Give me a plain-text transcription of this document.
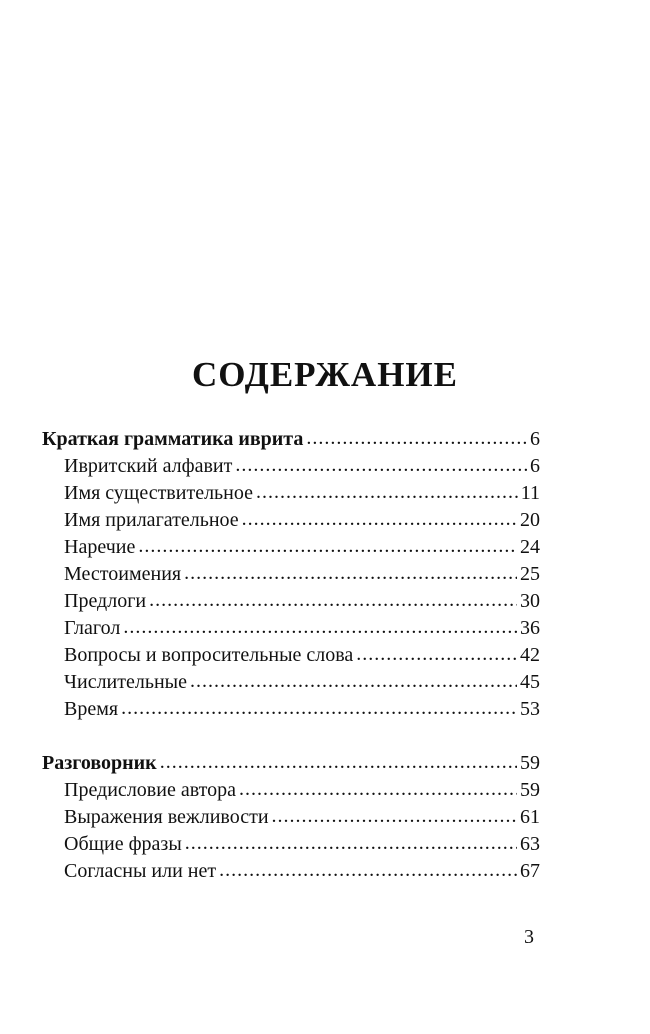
СОДЕРЖАНИЕ
Краткая грамматика иврита .....	6
Ивритский алфавит .....	6
Имя существительное .....	11
Имя прилагательное .....	20
Наречие .....	24
Местоимения .....	25
Предлоги .....	30
Глагол .....	36
Вопросы и вопросительные слова .....	42
Числительные .....	45
Время .....	53
Разговорник .....	59
Предисловие автора .....	59
Выражения вежливости .....	61
Общие фразы .....	63
Согласны или нет .....	67
3
